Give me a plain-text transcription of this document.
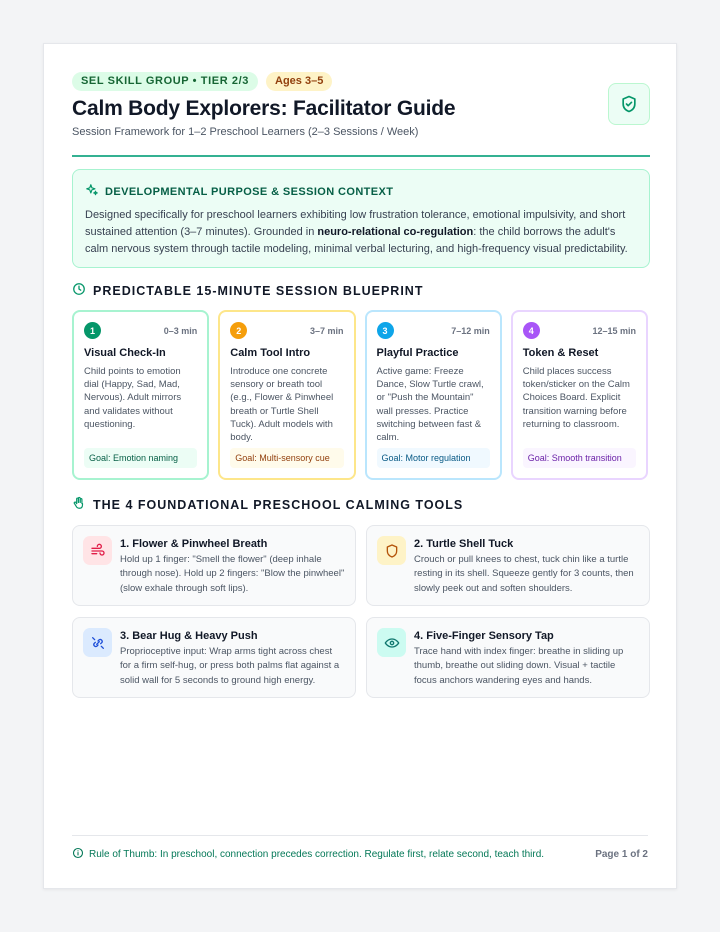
SEL SKILL GROUP • TIER 2/3	Ages 3–5
Calm Body Explorers: Facilitator Guide
Session Framework for 1–2 Preschool Learners (2–3 Sessions / Week)
DEVELOPMENTAL PURPOSE & SESSION CONTEXT
Designed specifically for preschool learners exhibiting low frustration tolerance, emotional impulsivity, and short sustained attention (3–7 minutes). Grounded in neuro-relational co-regulation: the child borrows the adult's calm nervous system through tactile modeling, minimal verbal lecturing, and high-frequency visual predictability.
PREDICTABLE 15-MINUTE SESSION BLUEPRINT
1	0–3 min
Visual Check-In
Child points to emotion dial (Happy, Sad, Mad, Nervous). Adult mirrors and validates without questioning.
Goal: Emotion naming
2	3–7 min
Calm Tool Intro
Introduce one concrete sensory or breath tool (e.g., Flower & Pinwheel breath or Turtle Shell Tuck). Adult models with body.
Goal: Multi-sensory cue
3	7–12 min
Playful Practice
Active game: Freeze Dance, Slow Turtle crawl, or "Push the Mountain" wall presses. Practice switching between fast & calm.
Goal: Motor regulation
4	12–15 min
Token & Reset
Child places success token/sticker on the Calm Choices Board. Explicit transition warning before returning to classroom.
Goal: Smooth transition
THE 4 FOUNDATIONAL PRESCHOOL CALMING TOOLS
1. Flower & Pinwheel Breath
Hold up 1 finger: "Smell the flower" (deep inhale through nose). Hold up 2 fingers: "Blow the pinwheel" (slow exhale through soft lips).
2. Turtle Shell Tuck
Crouch or pull knees to chest, tuck chin like a turtle resting in its shell. Squeeze gently for 3 counts, then slowly peek out and soften shoulders.
3. Bear Hug & Heavy Push
Proprioceptive input: Wrap arms tight across chest for a firm self-hug, or press both palms flat against a solid wall for 5 seconds to ground high energy.
4. Five-Finger Sensory Tap
Trace hand with index finger: breathe in sliding up thumb, breathe out sliding down. Visual + tactile focus anchors wandering eyes and hands.
Rule of Thumb: In preschool, connection precedes correction. Regulate first, relate second, teach third.	Page 1 of 2
